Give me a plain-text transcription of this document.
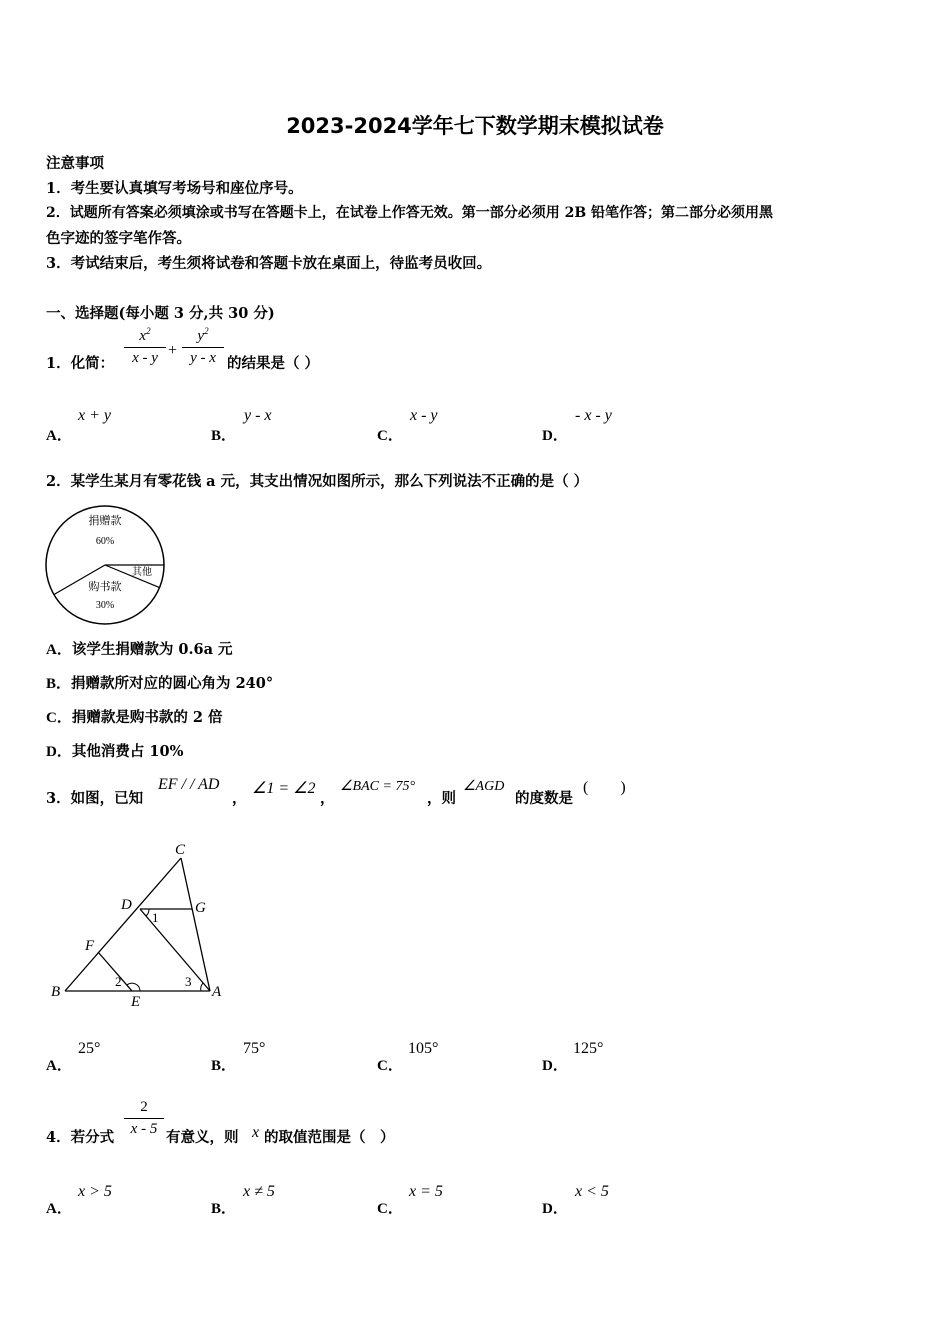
2023-2024学年七下数学期末模拟试卷
注意事项
1．考生要认真填写考场号和座位序号。
2．试题所有答案必须填涂或书写在答题卡上，在试卷上作答无效。第一部分必须用 2B 铅笔作答；第二部分必须用黑
色字迹的签字笔作答。
3．考试结束后，考生须将试卷和答题卡放在桌面上，待监考员收回。
一、选择题(每小题 3 分,共 30 分)
1．化简：
$x^2$
x - y +
$y^2$
y - x 的结果是（ ）
A．
x + y
B．
y - x
C．
x - y
D．
- x - y
2．某学生某月有零花钱 a 元，其支出情况如图所示，那么下列说法不正确的是（ ）
捐赠款
60%
其他
购书款
30%
A．该学生捐赠款为 0.6a 元
B．捐赠款所对应的圆心角为 240°
C．捐赠款是购书款的 2 倍
D．其他消费占 10%
3．如图，已知
EF / / AD
，
∠1 = ∠2
，
∠BAC = 75°
，则
∠AGD
的度数是
(　　)
C
D	G
F
B
E
A
1
2	3
A．
25°
B．
75°
C．
105°
D．
125°
4．若分式
2
x - 5 有意义，则 x 的取值范围是（　）
A．
x > 5
B．
x ≠ 5
C．
x = 5
D．
x < 5
